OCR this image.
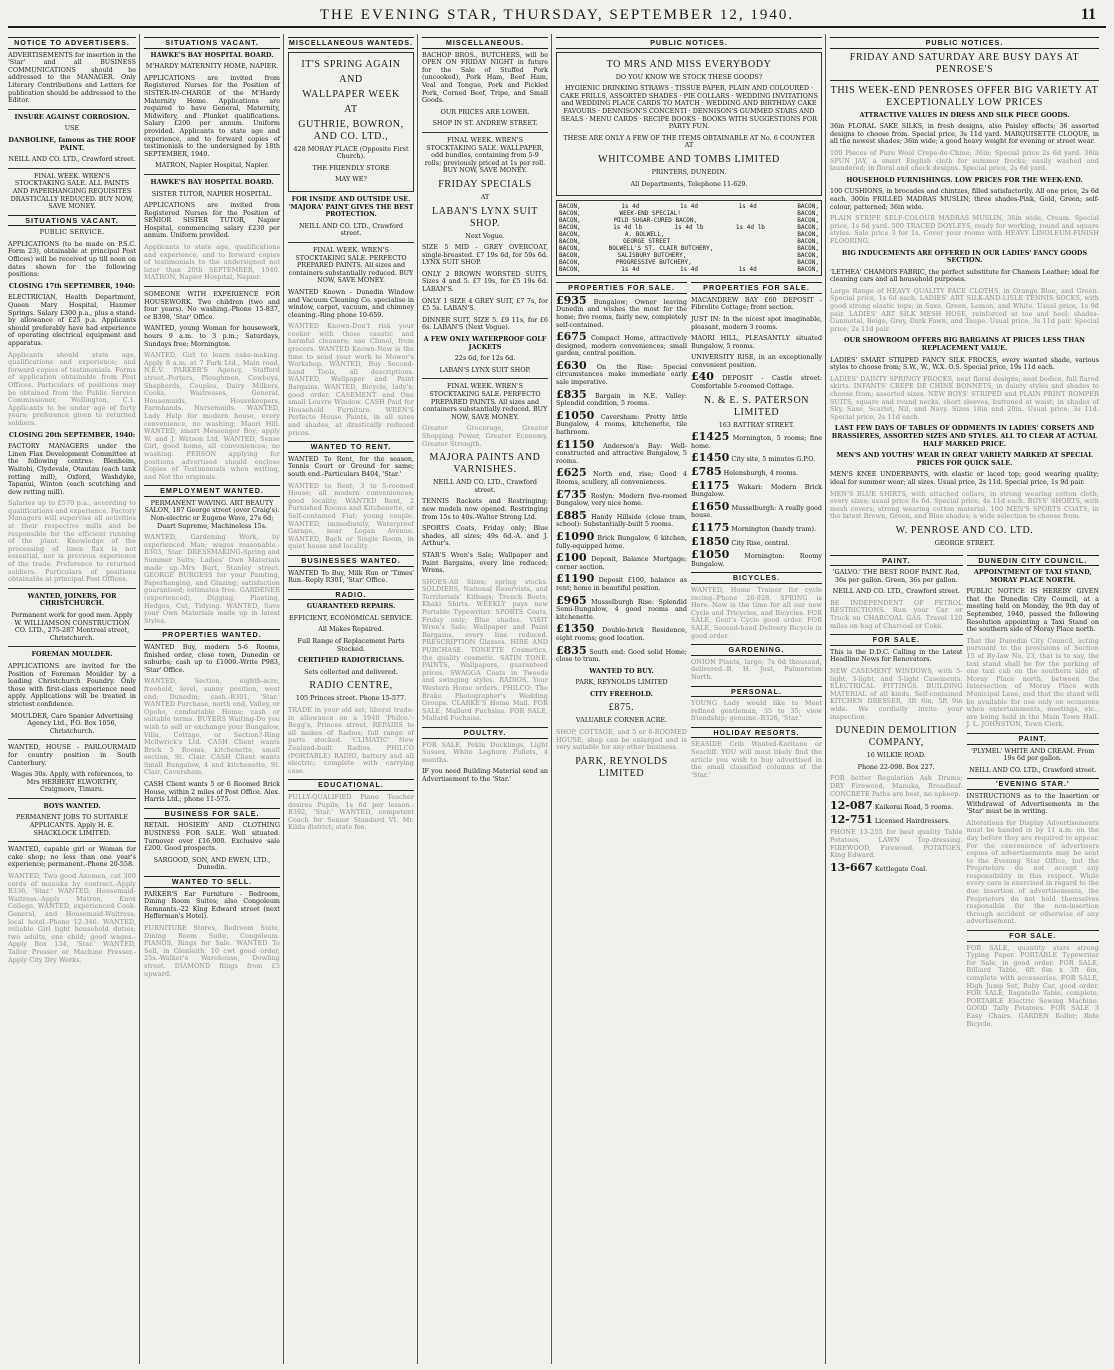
THE EVENING STAR, THURSDAY, SEPTEMBER 12, 1940.	11
NOTICE TO ADVERTISERS.
ADVERTISEMENTS for insertion in the 'Star' and all BUSINESS COMMUNICATIONS should be addressed to the MANAGER. Only Literary Contributions and Letters for publication should be addressed to the Editor.
INSURE AGAINST CORROSION.
USE
DANBOLINE, famous as THE ROOF PAINT.
NEILL AND CO. LTD., Crawford street.
FINAL WEEK. WREN'S STOCKTAKING SALE. ALL PAINTS AND PAPERHANGING REQUISITES DRASTICALLY REDUCED. BUY NOW, SAVE MONEY.
SITUATIONS VACANT.
PUBLIC SERVICE.
APPLICATIONS (to be made on P.S.C. Form 23), obtainable at principal Post Offices) will be received up till noon on dates shown for the following positions:
CLOSING 17th SEPTEMBER, 1940:
ELECTRICIAN, Health Department, Queen Mary Hospital, Hanmer Springs. Salary £300 p.a., plus a stand-by allowance of £25 p.a. Applicants should preferably have had experience of operating electrical equipment and apparatus.
Applicants should state age, qualifications and experience; and forward copies of testimonials. Forms of application obtainable from Post Offices. Particulars of positions may be obtained from the Public Service Commissioner, Wellington, C.1. Applicants to be under age of forty years; preference given to returned soldiers.
CLOSING 20th SEPTEMBER, 1940:
FACTORY MANAGERS under the Linen Flax Development Committee at the following centres: Blenheim, Waitohi, Clydevale, Otautau (each tank retting mill), Oxford, Washdyke, Tapanui, Winton (each scutching and dew retting mill).
Salaries up to £570 p.a., according to qualifications and experience. Factory Managers will supervise all activities at their respective mills and be responsible for the efficient running of the plant. Knowledge of the processing of linen flax is not essential, nor is previous experience of the trade. Preference to returned soldiers. Particulars of positions obtainable at principal Post Offices.
WANTED, JOINERS, FOR CHRISTCHURCH.
Permanent work for good men. Apply W. WILLIAMSON CONSTRUCTION CO. LTD., 275-287 Montreal street, Christchurch.
FOREMAN MOULDER.
APPLICATIONS are invited for the Position of Foreman Moulder by a leading Christchurch Foundry. Only those with first-class experience need apply. Applications will be treated in strictest confidence.
MOULDER, Care Spanier Advertising Agency Ltd., P.O. Box 1056, Christchurch.
WANTED, HOUSE - PARLOURMAID for country position in South Canterbury.
Wages 30s. Apply, with references, to Mrs HERBERT ELWORTHY, Craigmore, Timaru.
BOYS WANTED.
PERMANENT JOBS TO SUITABLE APPLICANTS. Apply H. E. SHACKLOCK LIMITED.
WANTED, capable girl or Woman for cake shop; no less than one year's experience; permanent.-Phone 20-558.
WANTED, Two good Axemen, cut 300 cords of manuka by contract.-Apply B336, 'Star.' WANTED, Housemaid-Waitress.-Apply Matron, Knox College. WANTED, experienced Cook-General, and Housemaid-Waitress; local hotel.-Phone 12-346. WANTED, reliable Girl light household duties; two adults, one child; good wages.-Apply Box 134, 'Star.' WANTED, Tailor Presser or Machine Presser.-Apply City Dry Works.
SITUATIONS VACANT.
HAWKE'S BAY HOSPITAL BOARD.
M'HARDY MATERNITY HOME, NAPIER.
APPLICATIONS are invited from Registered Nurses for the Position of SISTER-IN-CHARGE of the M'Hardy Maternity Home. Applications are required to have General, Maternity, Midwifery, and Plunket qualifications. Salary £200 per annum. Uniform provided. Applicants to state age and experience, and to forward copies of testimonials to the undersigned by 18th SEPTEMBER, 1940.
MATRON, Napier Hospital, Napier.
HAWKE'S BAY HOSPITAL BOARD.
SISTER TUTOR, NAPIER HOSPITAL.
APPLICATIONS are invited from Registered Nurses for the Position of SENIOR SISTER TUTOR, Napier Hospital, commencing salary £230 per annum. Uniform provided.
Applicants to state age, qualifications and experience, and to forward copies of testimonials to the undersigned not later than 20th SEPTEMBER, 1940. MATRON, Napier Hospital, Napier.
SOMEONE WITH EXPERIENCE FOR HOUSEWORK. Two children (two and four years). No washing.-Phone 15-837, or B398, 'Star' Office.
WANTED, young Woman for housework, hours 9 a.m. to 3 p.m.; Saturdays, Sundays free; Mornington.
WANTED, Girl to learn cake-making. Apply 8 a.m. at 7 Park Ltd., Main road, N.E.V. PARKER'S Agency, Stafford street.-Porters, Ploughmen, Cowboys, Shepherds, Couples, Dairy Milkers, Cooks, Waitresses, General, Housemaids, Housekeepers, Farmhands, Nursemaids. WANTED, Lady Help for modern house, every convenience, no washing; Maori Hill. WANTED, smart Messenger Boy; apply W. and J. Watson Ltd. WANTED, Sense Girl, good home, all conveniences; no washing. PERSON applying for positions advertised should enclose Copies of Testimonials when writing, and Not the originals.
EMPLOYMENT WANTED.
PERMANENT WAVING. ART BEAUTY SALON, 187 George street (over Craig's). Non-electric or Eugene Wave, 27s 6d; Duart Supreme, Machineless 15s.
WANTED, Gardening Work, by experienced Man; wages reasonable.-B303, 'Star.' DRESSMAKING-Spring and Summer Suits; Ladies' Own Materials made up.-Mrs Burt, Stanley street. GEORGE BURGESS for your Painting, Paperhanging, and Glazing; satisfaction guaranteed; estimates free. GARDENER (experienced), Digging, Planting, Hedges, Cut, Tidying. WANTED, Save your Own Materials made up in latest Styles.
PROPERTIES WANTED.
WANTED Buy, modern 5-6 Rooms, finished order, close town, Dunedin or suburbs; cash up to £1000.-Write P983, 'Star' Office.
WANTED, Section, eighth-acre, freehold, level, sunny position, west end; Dunedin; cash.-B301, 'Star.' WANTED Purchase, north end, Valley, or Opoho, comfortable Home; cash or suitable terms. BUYERS Waiting-Do you wish to sell or exchange your Bungalow, Villa, Cottage, or Section?-Ring Mcllwrick's Ltd. CASH Client wants Brick 5 Rooms, kitchenette, small section, St. Clair. CASH Client wants Small Bungalow, 4 and kitchenette, St. Clair, Caversham.
CASH Client wants 5 or 6 Roomed Brick House, within 2 miles of Post Office. Alex. Harris Ltd.; phone 11-575.
BUSINESS FOR SALE.
RETAIL HOSIERY AND CLOTHING BUSINESS FOR SALE. Well situated. Turnover over £16,000. Exclusive sale £200. Good prospects.
SARGOOD, SON, AND EWEN, LTD., Dunedin.
WANTED TO SELL.
PARKER'S Ear Furniture - Bedroom, Dining Room Suites; also Congoleum Remnants.-22 King Edward street (next Hefferman's Hotel).
FURNITURE Stores, Bedroom Suite, Dining Room Suite, Congoleum. PIANOS, Rings for Sale. WANTED To Sell, in Glenleith, 10 cwt good order, 25s.-Walker's Warehouse, Dowling street. DIAMOND Rings from £5 upward.
MISCELLANEOUS WANTEDS.
IT'S SPRING AGAIN
AND
WALLPAPER WEEK
AT
GUTHRIE, BOWRON, AND CO. LTD.,
428 MORAY PLACE (Opposite First Church).
THE FRIENDLY STORE
MAY WE?
FOR INSIDE AND OUTSIDE USE. 'MAJORA' PAINT GIVES THE BEST PROTECTION.
NEILL AND CO. LTD., Crawford street.
FINAL WEEK. WREN'S STOCKTAKING SALE. PERFECTO PREPARED PAINTS. All sizes and containers substantially reduced. BUY NOW, SAVE MONEY.
WANTED Known - Dunedin Window and Vacuum Cleaning Co. specialise in window, carpet, vacuum, and chimney cleaning.-Ring phone 10-659.
WANTED Known-Don't risk your cooker with those caustic and harmful cleaners; use Climol, from grocers. WANTED Known-Now is the time to send your work to Mower's Workshop. WANTED, Buy Second-hand Tools, all descriptions. WANTED, Wallpaper and Paint Bargains. WANTED, Bicycle, lady's; good order. CASEMENT and One small Louvre Window. CASH Paid for Household Furniture. WREN'S Perfecto House Paints, in all sizes and shades, at drastically reduced prices.
WANTED TO RENT.
WANTED To Rent, for the season, Tennis Court or Ground for same; south end.-Particulars B404, 'Star.'
WANTED to Rent, 3 to 5-roomed House; all modern conveniences; good locality. WANTED Rent, 2 Furnished Rooms and Kitchenette, or Self-contained Flat; young couple. WANTED, immediately, Waterproof Garage, near Logan Avenue. WANTED, Bach or Single Room, in quiet house and locality.
BUSINESSES WANTED.
WANTED To Buy, Milk Run or 'Times' Run.-Reply R301, 'Star' Office.
RADIO.
GUARANTEED REPAIRS.
EFFICIENT, ECONOMICAL SERVICE.
All Makes Repaired.
Full Range of Replacement Parts Stocked.
CERTIFIED RADIOTRICIANS.
Sets collected and delivered.
RADIO CENTRE,
105 Princes street. Phone 15-577.
TRADE in your old set; liberal trade-in allowance on a 1940 'Philco.'-Begg's, Princes street. REPAIRS to all makes of Radios; full range of parts stocked. 'CLIMATIC' New Zealand-built Radios. PHILCO (PORTABLE) RADIO, battery and all electric; complete with carrying case.
EDUCATIONAL.
FULLY-QUALIFIED Piano Teacher desires Pupils; 1s 6d per lesson.-B392, 'Star.' WANTED, competent Coach for Senior Standard VI. Mr. Kilda district; state fee.
MISCELLANEOUS.
BACHOP BROS., BUTCHERS, will be OPEN ON FRIDAY NIGHT in future for the Sale of Stuffed Pork (uncooked), Pork Ham, Beef Ham, Veal and Tongue, Pork and Pickled Pork, Corned Beef, Tripe, and Small Goods.
OUR PRICES ARE LOWER.
SHOP IN ST. ANDREW STREET.
FINAL WEEK. WREN'S STOCKTAKING SALE. WALLPAPER, odd bundles, containing from 5-9 rolls; previously priced at 1s per roll. BUY NOW, SAVE MONEY.
FRIDAY SPECIALS
AT
LABAN'S LYNX SUIT SHOP.
Next Vogue.
SIZE 5 MID - GREY OVERCOAT, single-breasted. £7 19s 6d, for 59s 6d. LYNX SUIT SHOP.
ONLY 2 BROWN WORSTED SUITS, Sizes 4 and 5. £7 19s, for £5 19s 6d. LABAN'S.
ONLY 1 SIZE 4 GREY SUIT, £7 7s, for £5 5s. LABAN'S.
DINNER SUIT, SIZE 5. £9 11s, for £6 6s. LABAN'S (Next Vogue).
A FEW ONLY WATERPROOF GOLF JACKETS
22s 6d, for 12s 6d.
LABAN'S LYNX SUIT SHOP.
FINAL WEEK. WREN'S STOCKTAKING SALE. PERFECTO PREPARED PAINTS. All sizes and containers substantially reduced. BUY NOW, SAVE MONEY.
Greater Grocerage, Greater Shopping Power, Greater Economy, Greater Strength.
MAJORA PAINTS AND VARNISHES.
NEILL AND CO. LTD., Crawford street.
TENNIS Rackets and Restringing; new models now opened. Restringing from 15s to 40s.-Walter Strong Ltd.
SPORTS Coats, Friday only; Blue shades, all sizes; 49s 6d.-A. and J. Arthur's.
STAR'S Wren's Sale; Wallpaper and Paint Bargains, every line reduced; Wrens.
SHOES-All Sizes; spring stocks. SOLDIERS, National Reservists, and Territorials' Kitbags; Trench Boots; Khaki Shirts. WEEKLY pays new Portable Typewriter. SPORTS Coats, Friday only; Blue shades. VISIT Wren's Sale; Wallpaper and Paint Bargains, every line reduced. PRESCRIPTION Glasses. HIRE AND PURCHASE. TONETTE Cosmetics, the quality cosmetic. SATIN TONE. PAINTS, Wallpapers, guaranteed prices. SWAGGA Coats in Tweeds and swinging styles. RADIOS, Your Western Home orders. PHILCO: The Brake Photographer's Wedding Groups. CLARKE'S Home Mail. FOR SALE, Mallard Fuchsias. FOR SALE, Mallard Fuchsias.
POULTRY.
FOR SALE, Pekin Ducklings, Light Sussex, White Leghorn Pullets, 4 months.
IF you need Building Material send an Advertisement to the 'Star.'
PUBLIC NOTICES.
TO MRS AND MISS EVERYBODY
DO YOU KNOW WE STOCK THESE GOODS?
HYGIENIC DRINKING STRAWS · TISSUE PAPER, PLAIN AND COLOURED · CAKE FRILLS, ASSORTED SHADES · PIE COLLARS · WEDDING INVITATIONS and WEDDING PLACE CARDS TO MATCH · WEDDING AND BIRTHDAY CAKE FAVOURS · DENNISON'S CONCENTI · DENNISON'S GUMMED STARS AND SEALS · MENU CARDS · RECIPE BOOKS · BOOKS WITH SUGGESTIONS FOR PARTY FUN.
THESE ARE ONLY A FEW OF THE ITEMS OBTAINABLE AT No. 6 COUNTER AT
WHITCOMBE AND TOMBS LIMITED
PRINTERS, DUNEDIN.
All Departments, Telephone 11-629.
BACON,	1s 4d	1s 4d	1s 4d	BACON,
BACON,	WEEK-END SPECIAL!	BACON,
BACON,	MILD SUGAR-CURED BACON,	BACON,
BACON,	1s 4d lb	1s 4d lb	1s 4d lb	BACON,
BACON,	A. BOLWELL,	BACON,
BACON,	GEORGE STREET	BACON,
BACON,	BOLWELL'S ST. CLAIR BUTCHERY,	BACON,
BACON,	SALISBURY BUTCHERY,	BACON,
BACON,	PROGRESSIVE BUTCHERY,	BACON,
BACON,	1s 4d	1s 4d	1s 4d	BACON,
PROPERTIES FOR SALE.
£935 Bungalow; Owner leaving Dunedin and wishes the most for the home; five rooms, fairly new, completely self-contained.
£675 Compact Home, attractively designed, modern conveniences; small garden, central position.
£630 On the Rise: Special circumstances make immediate early sale imperative.
£835 Bargain in N.E. Valley: Splendid condition, 5 rooms.
£1050 Caversham: Pretty little Bungalow, 4 rooms, kitchenette, tile bathroom.
£1150 Anderson's Bay: Well-constructed and attractive Bungalow, 5 rooms.
£625 North end, rise; Good 4 Rooms, scullery, all conveniences.
£735 Roslyn: Modern five-roomed Bungalow, very nice home.
£885 Handy Hillside (close tram, school): Substantially-built 5 rooms.
£1090 Brick Bungalow, 6 kitchen, fully-equipped home.
£100 Deposit, Balance Mortgage; corner section.
£1190 Deposit £100, balance as rent; home in beautiful position.
£965 Musselburgh Rise: Splendid Semi-Bungalow, 4 good rooms and kitchenette.
£1350 Double-brick Residence, eight rooms; good location.
£835 South end: Good solid Home; close to tram.
WANTED TO BUY.
PARK, REYNOLDS LIMITED
CITY FREEHOLD.
£875.
VALUABLE CORNER ACRE.
SHOP, COTTAGE, and 5 or 6-ROOMED HOUSE; shop can be enlarged and is very suitable for any other business.
PARK, REYNOLDS LIMITED
PROPERTIES FOR SALE.
MACANDREW BAY £60 DEPOSIT - Fibrolite Cottage; front section.
JUST IN: In the nicest spot imaginable, pleasant, modern 3 rooms.
MAORI HILL, PLEASANTLY situated Bungalow, 5 rooms.
UNIVERSITY RISE, in an exceptionally convenient position.
£40 DEPOSIT - Castle street: Comfortable 5-roomed Cottage.
N. & E. S. PATERSON LIMITED
163 RATTRAY STREET.
£1425 Mornington, 5 rooms; fine home.
£1450 City site, 5 minutes G.P.O.
£785 Helensburgh, 4 rooms.
£1175 Wakari: Modern Brick Bungalow.
£1650 Musselburgh: A really good house.
£1175 Mornington (handy tram).
£1850 City Rise, central.
£1050 Mornington: Roomy Bungalow.
BICYCLES.
WANTED, Home Trainer for cycle racing.-Phone 20-928. SPRING is Here.-Now is the time for all our new Cycle and Tricycles, and Bicycles. FOR SALE, Gent's Cycle good order. FOR SALE, Second-hand Delivery Bicycle in good order.
GARDENING.
ONION Plants, large; 7s 6d thousand, delivered.-B. H. Just, Palmerston North.
PERSONAL.
YOUNG Lady would like to Meet refined gentleman, 35 to 35; view friendship; genuine.-B326, 'Star.'
HOLIDAY RESORTS.
SEASIDE Crib Wanted-Karitane or Seacliff. YOU will most likely find the article you wish to buy advertised in the small classified columns of the 'Star.'
PUBLIC NOTICES.
FRIDAY AND SATURDAY ARE BUSY DAYS AT PENROSE'S
THIS WEEK-END PENROSES OFFER BIG VARIETY AT EXCEPTIONALLY LOW PRICES
ATTRACTIVE VALUES IN DRESS AND SILK PIECE GOODS.
36in FLORAL SAKE SILKS, in fresh designs, also Paisley effects; 36 assorted designs to choose from. Special price, 3s 11d yard. MARQUISETTE CLOQUE, in all the newest shades; 36in wide; a good heavy weight for evening or street wear.
100 Pieces of Pure Wool Crepe-de-Chine; 36in; Special price 2s 6d yard. 36in SPUN JAY, a smart English cloth for summer frocks; easily washed and laundered; in floral and check designs. Special price, 2s 6d yard.
HOUSEHOLD FURNISHINGS. LOW PRICES FOR THE WEEK-END.
100 CUSHIONS, in brocades and chintzes, filled satisfactorily. All one price, 2s 6d each. 300in FRILLED MADRAS MUSLIN; three shades-Pink, Gold, Green; self-colour, patterned; 36in wide.
PLAIN STRIPE SELF-COLOUR MADRAS MUSLIN, 36in wide, Cream. Special price, 1s 6d yard. 500 TRACED DOYLEYS, ready for working, round and square styles. Sale price 3 for 1s. Cover your rooms with HEAVY LINOLEUM-FINISH FLOORING.
BIG INDUCEMENTS ARE OFFERED IN OUR LADIES' FANCY GOODS SECTION.
'LETHEA' CHAMOIS FABRIC, the perfect substitute for Chamois Leather; ideal for cleaning cars and all household purposes.
Large Range of HEAVY QUALITY FACE CLOTHS, in Orange Blue, and Green. Special price, 1s 6d each. LADIES' ART SILK-AND-LISLE TENNIS SOCKS, with good strong elastic tops; in Saxe, Green, Lemon, and White. Usual price, 1s 9d pair. LADIES' ART SILK MESH HOSE, reinforced at toe and heel; shades-Gunmetal, Beige, Grey, Dark Fawn, and Taupe. Usual price, 3s 11d pair. Special price, 2s 11d pair.
OUR SHOWROOM OFFERS BIG BARGAINS AT PRICES LESS THAN REPLACEMENT VALUE.
LADIES' SMART STRIPED FANCY SILK FROCKS, every wanted shade, various styles to choose from; S.W., W., W.X. O.S. Special price, 19s 11d each.
LADIES' DAINTY SPRINGY FROCKS, neat floral designs; neat bodice, full flared skirts. INFANTS' CREPE DE CHINE BONNETS, in dainty styles and shades to choose from; assorted sizes. NEW BOYS' STRIPED and PLAIN PRINT ROMPER SUITS, square and round necks, short sleeves, buttoned at waist; in shades of Sky, Saxe, Scarlet, Nil, and Navy. Sizes 18in and 20in. Usual price, 3s 11d. Special price, 2s 11d each.
LAST FEW DAYS OF TABLES OF ODDMENTS IN LADIES' CORSETS AND BRASSIERES, ASSORTED SIZES AND STYLES. ALL TO CLEAR AT ACTUAL HALF MARKED PRICE.
MEN'S AND YOUTHS' WEAR IN GREAT VARIETY MARKED AT SPECIAL PRICES FOR QUICK SALE.
MEN'S KNEE UNDERPANTS, with elastic or laced top; good wearing quality; ideal for summer wear; all sizes. Usual price, 2s 11d. Special price, 1s 9d pair.
MEN'S BLUE SHIRTS, with attached collars, in strong wearing cotton cloth; every sizes; usual price 6s 6d. Special price, 4s 11d each. BOYS' SHORTS, with mesh covers; strong wearing cotton material. 100 MEN'S SPORTS COATS, in the latest Brown, Green, and Blue shades; a wide selection to choose from.
W. PENROSE AND CO. LTD.
GEORGE STREET.
PAINT.
'GALVO.' THE BEST ROOF PAINT. Red, 36s per gallon. Green, 36s per gallon.
NEILL AND CO. LTD., Crawford street.
BE INDEPENDENT OF PETROL RESTRICTIONS. Run your Car or Truck on CHARCOAL GAS. Travel 120 miles on bag of Charcoal or Coke.
FOR SALE.
This is the D.D.C. Calling in the Latest Headline News for Renovators.
NEW CASEMENT WINDOWS, with 5-light, 3-light, and 3-light Casements. ELECTRICAL FITTINGS. BUILDING MATERIAL of all kinds. Self-contained KITCHEN DRESSER, 3ft 6in, 5ft 9in wide. We cordially invite your inspection.
DUNEDIN DEMOLITION COMPANY,
16 WILKIE ROAD.
Phone 22-098. Box 227.
FOR better Regulation Ash Drums; DRY Firewood, Manuka, Broadleaf. CONCRETE Paths are best, no upkeep.
12-087 Kaikorai Road, 5 rooms.
12-751 Licensed Hairdressers.
PHONE 13-255 for best quality Table Potatoes. LAWN Top-dressing. FIREWOOD, Firewood. POTATOES, King Edward.
13-667 Kettlegate Coal.
DUNEDIN CITY COUNCIL.
APPOINTMENT OF TAXI STAND, MORAY PLACE NORTH.
PUBLIC NOTICE IS HEREBY GIVEN that the Dunedin City Council, at a meeting held on Monday, the 9th day of September, 1940, passed the following Resolution appointing a Taxi Stand on the southern side of Moray Place north.
That the Dunedin City Council, acting pursuant to the provisions of Section 15 of By-law No. 23, that is to say, the taxi stand shall be for the parking of one taxi cab on the southern side of Moray Place north, between the Intersection of Moray Place with Municipal Lane, and that the stand will be available for use only on occasions when entertainments, meetings, etc., are being held in the Main Town Hall. J. L. JOHNSTON, Town Clerk.
PAINT.
'PLYMEL' WHITE AND CREAM. From 19s 6d per gallon.
NEILL AND CO. LTD., Crawford street.
'EVENING STAR.'
INSTRUCTIONS as to the Insertion or Withdrawal of Advertisements in the 'Star' must be in writing.
Alterations for Display Advertisements must be handed in by 11 a.m. on the day before they are required to appear. For the convenience of advertisers copies of advertisements may be sent to the Evening Star Office, but the Proprietors do not accept any responsibility in this respect. While every care is exercised in regard to the due insertion of advertisements, the Proprietors do not hold themselves responsible for the non-insertion through accident or otherwise of any advertisement.
FOR SALE.
FOR SALE, quantity stars strong Typing Paper. PORTABLE Typewriter for Sale, in good order. FOR SALE, Billiard Table, 6ft 6in x 3ft 6in, complete with accessories. FOR SALE, High Jump Set, Baby Car, good order. FOR SALE, Bagatelle Table, complete. PORTABLE Electric Sewing Machine. GOOD Tally Potatoes. FOR SALE 3 Easy Chairs. GARDEN Roller; Ride Bicycle.
